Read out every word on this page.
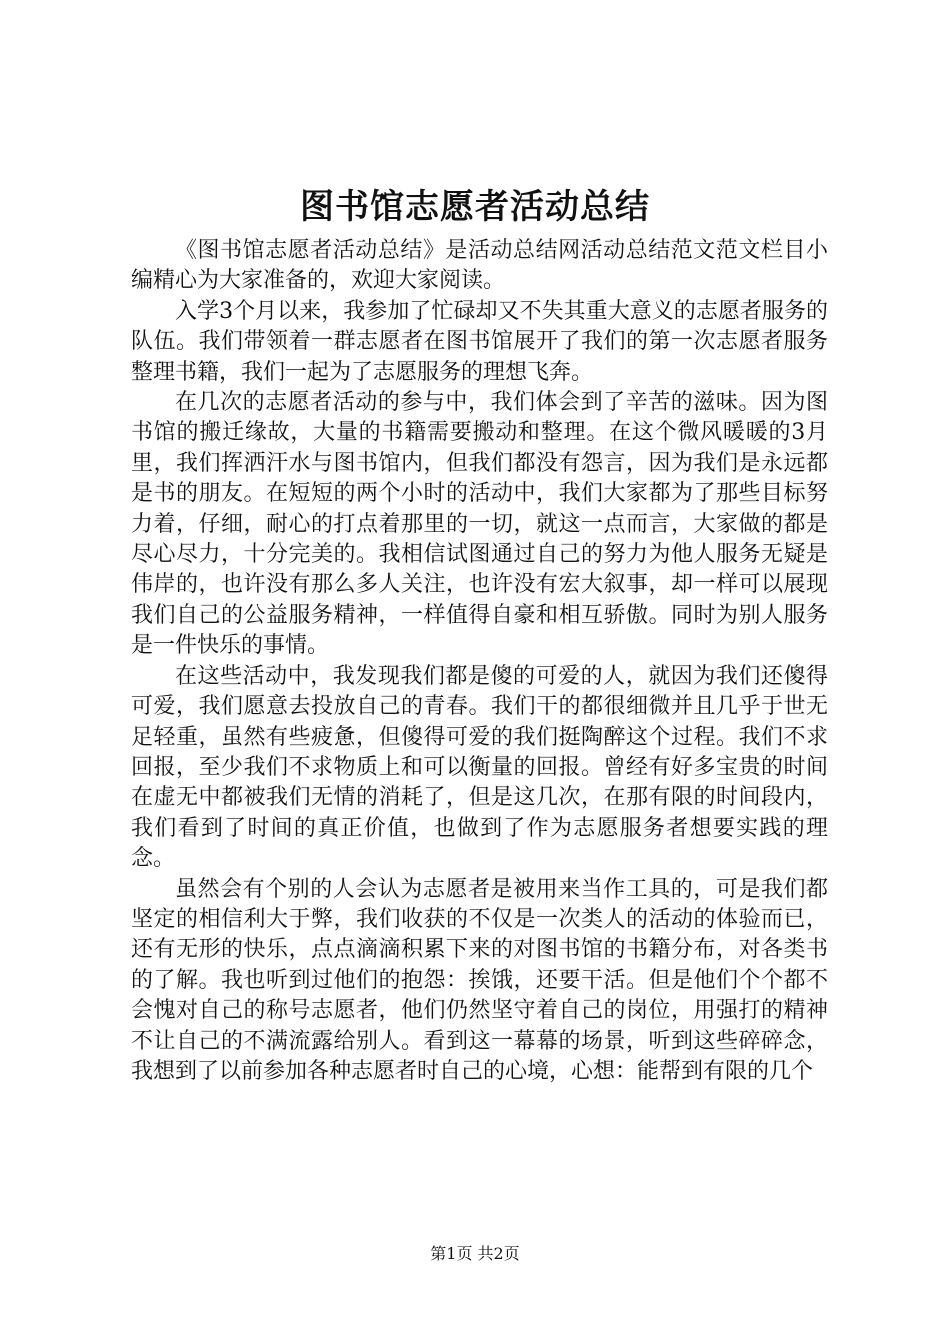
图书馆志愿者活动总结

《图书馆志愿者活动总结》是活动总结网活动总结范文范文栏目小编精心为大家准备的，欢迎大家阅读。

入学3个月以来，我参加了忙碌却又不失其重大意义的志愿者服务的队伍。我们带领着一群志愿者在图书馆展开了我们的第一次志愿者服务整理书籍，我们一起为了志愿服务的理想飞奔。

在几次的志愿者活动的参与中，我们体会到了辛苦的滋味。因为图书馆的搬迁缘故，大量的书籍需要搬动和整理。在这个微风暖暖的3月里，我们挥洒汗水与图书馆内，但我们都没有怨言，因为我们是永远都是书的朋友。在短短的两个小时的活动中，我们大家都为了那些目标努力着，仔细，耐心的打点着那里的一切，就这一点而言，大家做的都是尽心尽力，十分完美的。我相信试图通过自己的努力为他人服务无疑是伟岸的，也许没有那么多人关注，也许没有宏大叙事，却一样可以展现我们自己的公益服务精神，一样值得自豪和相互骄傲。同时为别人服务是一件快乐的事情。

在这些活动中，我发现我们都是傻的可爱的人，就因为我们还傻得可爱，我们愿意去投放自己的青春。我们干的都很细微并且几乎于世无足轻重，虽然有些疲惫，但傻得可爱的我们挺陶醉这个过程。我们不求回报，至少我们不求物质上和可以衡量的回报。曾经有好多宝贵的时间在虚无中都被我们无情的消耗了，但是这几次，在那有限的时间段内，我们看到了时间的真正价值，也做到了作为志愿服务者想要实践的理念。

虽然会有个别的人会认为志愿者是被用来当作工具的，可是我们都坚定的相信利大于弊，我们收获的不仅是一次类人的活动的体验而已，还有无形的快乐，点点滴滴积累下来的对图书馆的书籍分布，对各类书的了解。我也听到过他们的抱怨：挨饿，还要干活。但是他们个个都不会愧对自己的称号志愿者，他们仍然坚守着自己的岗位，用强打的精神不让自己的不满流露给别人。看到这一幕幕的场景，听到这些碎碎念，我想到了以前参加各种志愿者时自己的心境，心想：能帮到有限的几个

第1页 共2页
